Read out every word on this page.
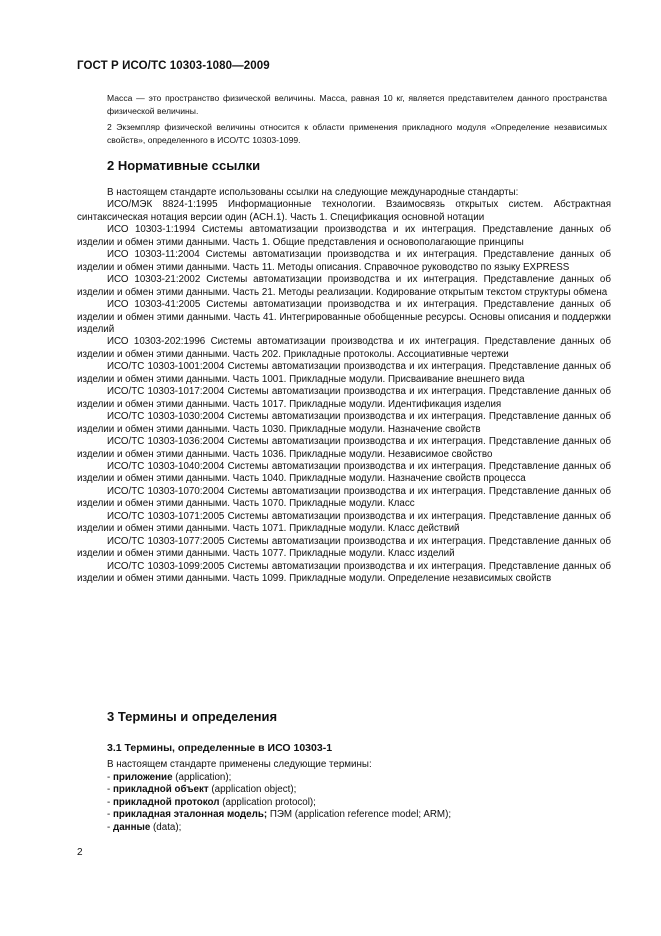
ГОСТ Р ИСО/ТС 10303-1080—2009

Масса — это пространство физической величины. Масса, равная 10 кг, является представителем данного пространства физической величины.

2 Экземпляр физической величины относится к области применения прикладного модуля «Определение независимых свойств», определенного в ИСО/ТС 10303-1099.

2 Нормативные ссылки

В настоящем стандарте использованы ссылки на следующие международные стандарты:

ИСО/МЭК 8824-1:1995 Информационные технологии. Взаимосвязь открытых систем. Абстрактная синтаксическая нотация версии один (АСН.1). Часть 1. Спецификация основной нотации

ИСО 10303-1:1994 Системы автоматизации производства и их интеграция. Представление данных об изделии и обмен этими данными. Часть 1. Общие представления и основополагающие принципы

ИСО 10303-11:2004 Системы автоматизации производства и их интеграция. Представление данных об изделии и обмен этими данными. Часть 11. Методы описания. Справочное руководство по языку EXPRESS

ИСО 10303-21:2002 Системы автоматизации производства и их интеграция. Представление данных об изделии и обмен этими данными. Часть 21. Методы реализации. Кодирование открытым текстом структуры обмена

ИСО 10303-41:2005 Системы автоматизации производства и их интеграция. Представление данных об изделии и обмен этими данными. Часть 41. Интегрированные обобщенные ресурсы. Основы описания и поддержки изделий

ИСО 10303-202:1996 Системы автоматизации производства и их интеграция. Представление данных об изделии и обмен этими данными. Часть 202. Прикладные протоколы. Ассоциативные чертежи

ИСО/ТС 10303-1001:2004 Системы автоматизации производства и их интеграция. Представление данных об изделии и обмен этими данными. Часть 1001. Прикладные модули. Присваивание внешнего вида

ИСО/ТС 10303-1017:2004 Системы автоматизации производства и их интеграция. Представление данных об изделии и обмен этими данными. Часть 1017. Прикладные модули. Идентификация изделия

ИСО/ТС 10303-1030:2004 Системы автоматизации производства и их интеграция. Представление данных об изделии и обмен этими данными. Часть 1030. Прикладные модули. Назначение свойств

ИСО/ТС 10303-1036:2004 Системы автоматизации производства и их интеграция. Представление данных об изделии и обмен этими данными. Часть 1036. Прикладные модули. Независимое свойство

ИСО/ТС 10303-1040:2004 Системы автоматизации производства и их интеграция. Представление данных об изделии и обмен этими данными. Часть 1040. Прикладные модули. Назначение свойств процесса

ИСО/ТС 10303-1070:2004 Системы автоматизации производства и их интеграция. Представление данных об изделии и обмен этими данными. Часть 1070. Прикладные модули. Класс

ИСО/ТС 10303-1071:2005 Системы автоматизации производства и их интеграция. Представление данных об изделии и обмен этими данными. Часть 1071. Прикладные модули. Класс действий

ИСО/ТС 10303-1077:2005 Системы автоматизации производства и их интеграция. Представление данных об изделии и обмен этими данными. Часть 1077. Прикладные модули. Класс изделий

ИСО/ТС 10303-1099:2005 Системы автоматизации производства и их интеграция. Представление данных об изделии и обмен этими данными. Часть 1099. Прикладные модули. Определение независимых свойств

3 Термины и определения
3.1 Термины, определенные в ИСО 10303-1

В настоящем стандарте применены следующие термины:

- приложение (application);
- прикладной объект (application object);
- прикладной протокол (application protocol);
- прикладная эталонная модель; ПЭМ (application reference model; ARM);
- данные (data);
2
